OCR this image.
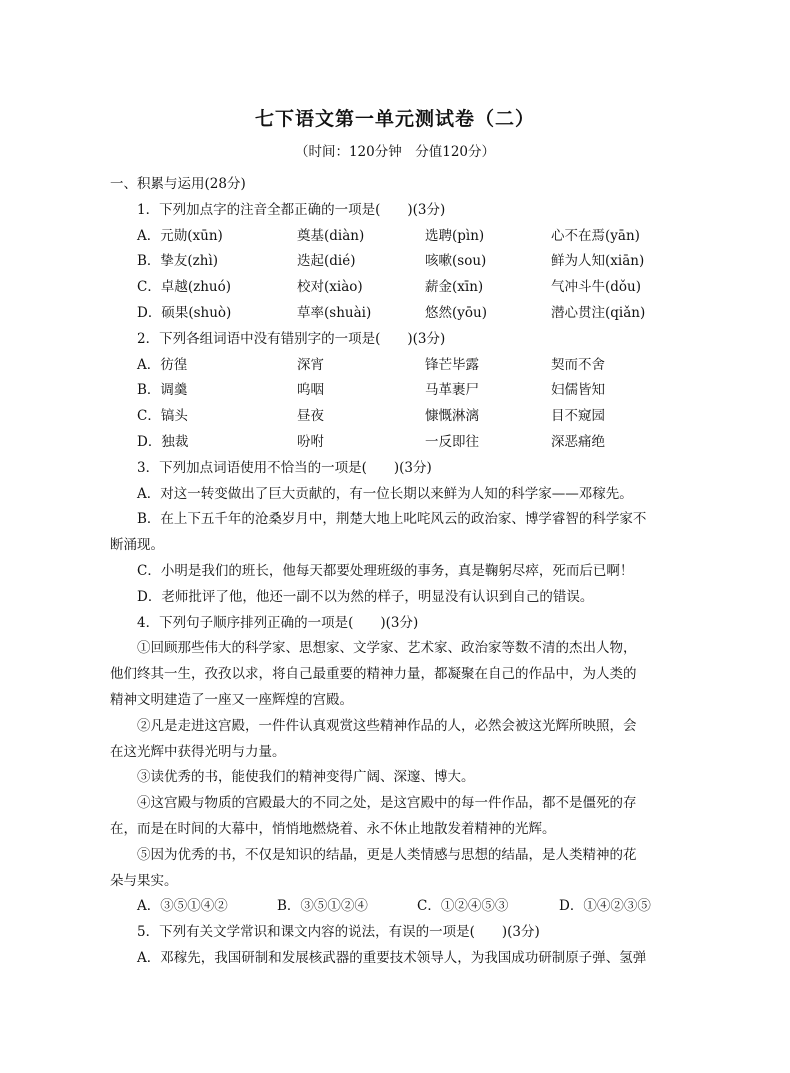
七下语文第一单元测试卷（二）
（时间：120分钟　分值120分）
一、积累与运用(28分)
1．下列加点字的注音全都正确的一项是(　　)(3分)
A．元勋(xūn)	奠基(diàn)	选聘(pìn)	心不在焉(yān)
B．挚友(zhì)	迭起(dié)	咳嗽(sou)	鲜为人知(xiān)
C．卓越(zhuó)	校对(xiào)	薪金(xīn)	气冲斗牛(dǒu)
D．硕果(shuò)	草率(shuài)	悠然(yōu)	潜心贯注(qiǎn)
2．下列各组词语中没有错别字的一项是(　　)(3分)
A．彷徨	深宵	锋芒毕露	契而不舍
B．调羹	呜咽	马革裹尸	妇儒皆知
C．镐头	昼夜	慷慨淋漓	目不窥园
D．独裁	吩咐	一反即往	深恶痛绝
3．下列加点词语使用不恰当的一项是(　　)(3分)
A．对这一转变做出了巨大贡献的，有一位长期以来鲜为人知的科学家——邓稼先。
B．在上下五千年的沧桑岁月中，荆楚大地上叱咤风云的政治家、博学睿智的科学家不
断涌现。
C．小明是我们的班长，他每天都要处理班级的事务，真是鞠躬尽瘁，死而后已啊！
D．老师批评了他，他还一副不以为然的样子，明显没有认识到自己的错误。
4．下列句子顺序排列正确的一项是(　　)(3分)
①回顾那些伟大的科学家、思想家、文学家、艺术家、政治家等数不清的杰出人物，
他们终其一生，孜孜以求，将自己最重要的精神力量，都凝聚在自己的作品中，为人类的
精神文明建造了一座又一座辉煌的宫殿。
②凡是走进这宫殿，一件件认真观赏这些精神作品的人，必然会被这光辉所映照，会
在这光辉中获得光明与力量。
③读优秀的书，能使我们的精神变得广阔、深邃、博大。
④这宫殿与物质的宫殿最大的不同之处，是这宫殿中的每一件作品，都不是僵死的存
在，而是在时间的大幕中，悄悄地燃烧着、永不休止地散发着精神的光辉。
⑤因为优秀的书，不仅是知识的结晶，更是人类情感与思想的结晶，是人类精神的花
朵与果实。
A．③⑤①④②	B．③⑤①②④	C．①②④⑤③	D．①④②③⑤
5．下列有关文学常识和课文内容的说法，有误的一项是(　　)(3分)
A．邓稼先，我国研制和发展核武器的重要技术领导人，为我国成功研制原子弹、氢弹
